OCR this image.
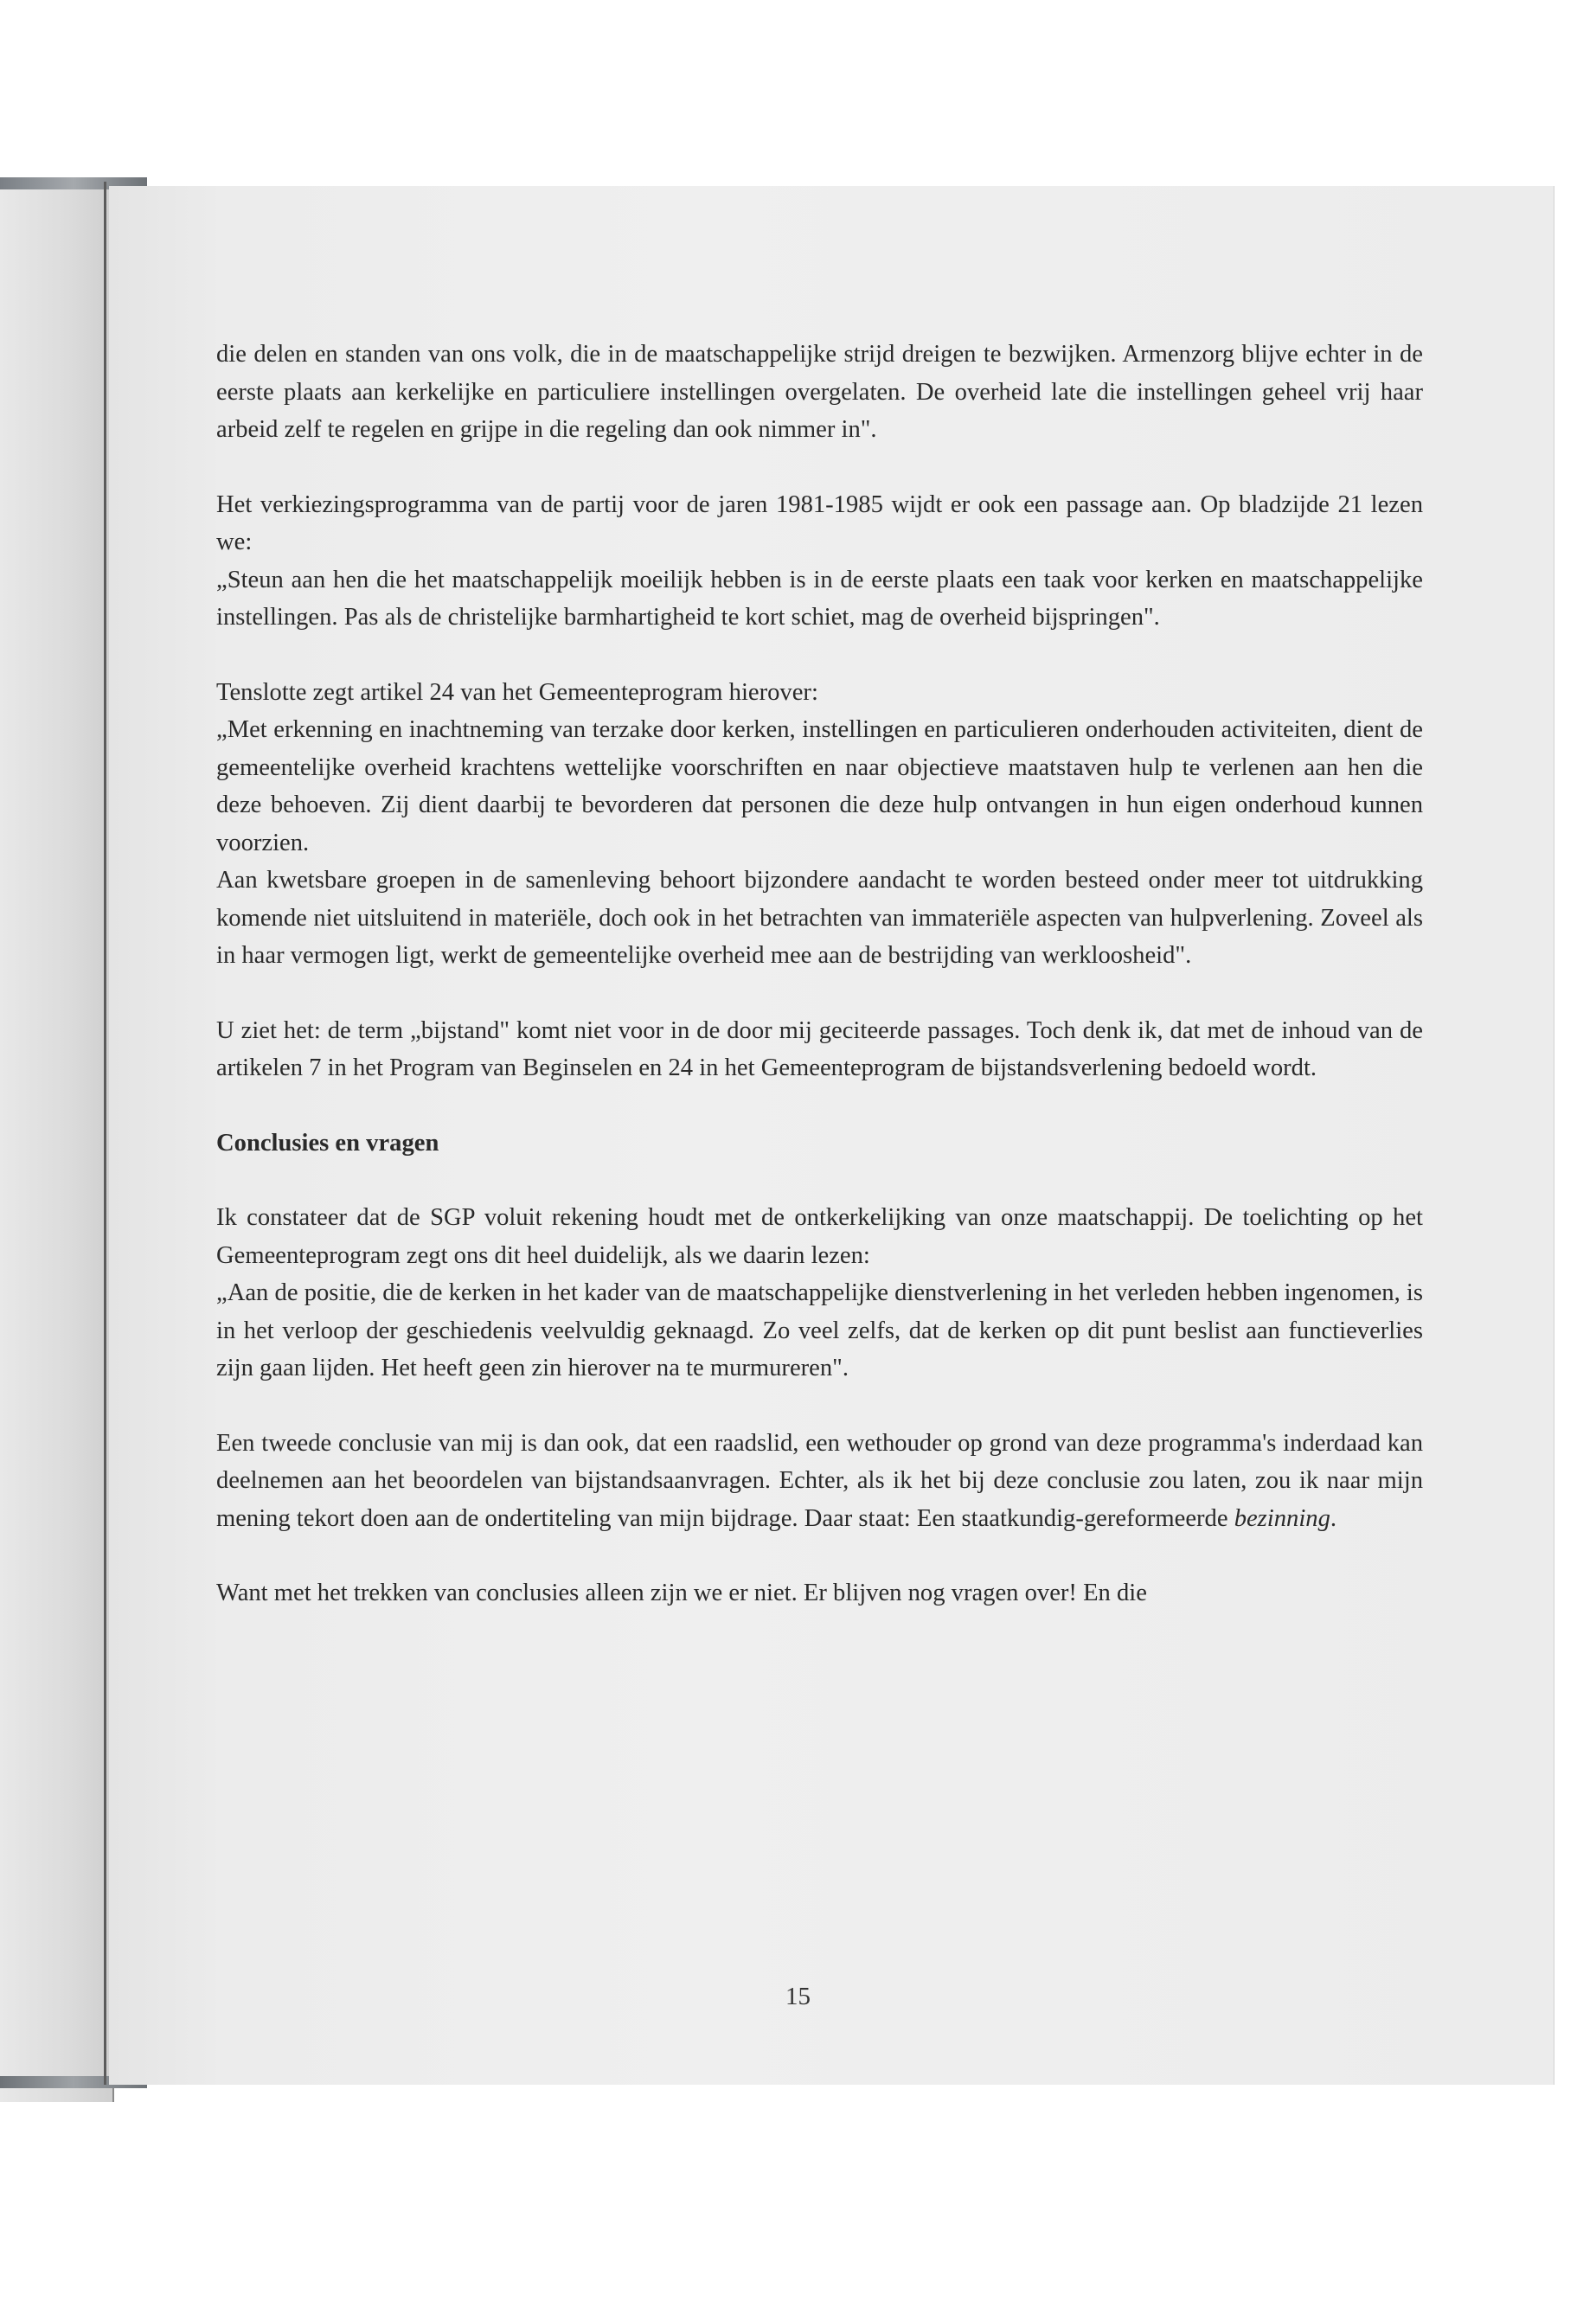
die delen en standen van ons volk, die in de maatschappelijke strijd dreigen te bezwijken. Armenzorg blijve echter in de eerste plaats aan kerkelijke en particuliere instellingen overgelaten. De overheid late die instellingen geheel vrij haar arbeid zelf te regelen en grijpe in die regeling dan ook nimmer in".

Het verkiezingsprogramma van de partij voor de jaren 1981-1985 wijdt er ook een passage aan. Op bladzijde 21 lezen we:

„Steun aan hen die het maatschappelijk moeilijk hebben is in de eerste plaats een taak voor kerken en maatschappelijke instellingen. Pas als de christelijke barmhartigheid te kort schiet, mag de overheid bijspringen".

Tenslotte zegt artikel 24 van het Gemeenteprogram hierover:

„Met erkenning en inachtneming van terzake door kerken, instellingen en particulieren onderhouden activiteiten, dient de gemeentelijke overheid krachtens wettelijke voorschriften en naar objectieve maatstaven hulp te verlenen aan hen die deze behoeven. Zij dient daarbij te bevorderen dat personen die deze hulp ontvangen in hun eigen onderhoud kunnen voorzien.

Aan kwetsbare groepen in de samenleving behoort bijzondere aandacht te worden besteed onder meer tot uitdrukking komende niet uitsluitend in materiële, doch ook in het betrachten van immateriële aspecten van hulpverlening. Zoveel als in haar vermogen ligt, werkt de gemeentelijke overheid mee aan de bestrijding van werkloosheid".

U ziet het: de term „bijstand" komt niet voor in de door mij geciteerde passages. Toch denk ik, dat met de inhoud van de artikelen 7 in het Program van Beginselen en 24 in het Gemeenteprogram de bijstandsverlening bedoeld wordt.

Conclusies en vragen

Ik constateer dat de SGP voluit rekening houdt met de ontkerkelijking van onze maatschappij. De toelichting op het Gemeenteprogram zegt ons dit heel duidelijk, als we daarin lezen:

„Aan de positie, die de kerken in het kader van de maatschappelijke dienstverlening in het verleden hebben ingenomen, is in het verloop der geschiedenis veelvuldig geknaagd. Zo veel zelfs, dat de kerken op dit punt beslist aan functieverlies zijn gaan lijden. Het heeft geen zin hierover na te murmureren".

Een tweede conclusie van mij is dan ook, dat een raadslid, een wethouder op grond van deze programma's inderdaad kan deelnemen aan het beoordelen van bijstandsaanvragen. Echter, als ik het bij deze conclusie zou laten, zou ik naar mijn mening tekort doen aan de ondertiteling van mijn bijdrage. Daar staat: Een staatkundig-gereformeerde bezinning.

Want met het trekken van conclusies alleen zijn we er niet. Er blijven nog vragen over! En die

15
